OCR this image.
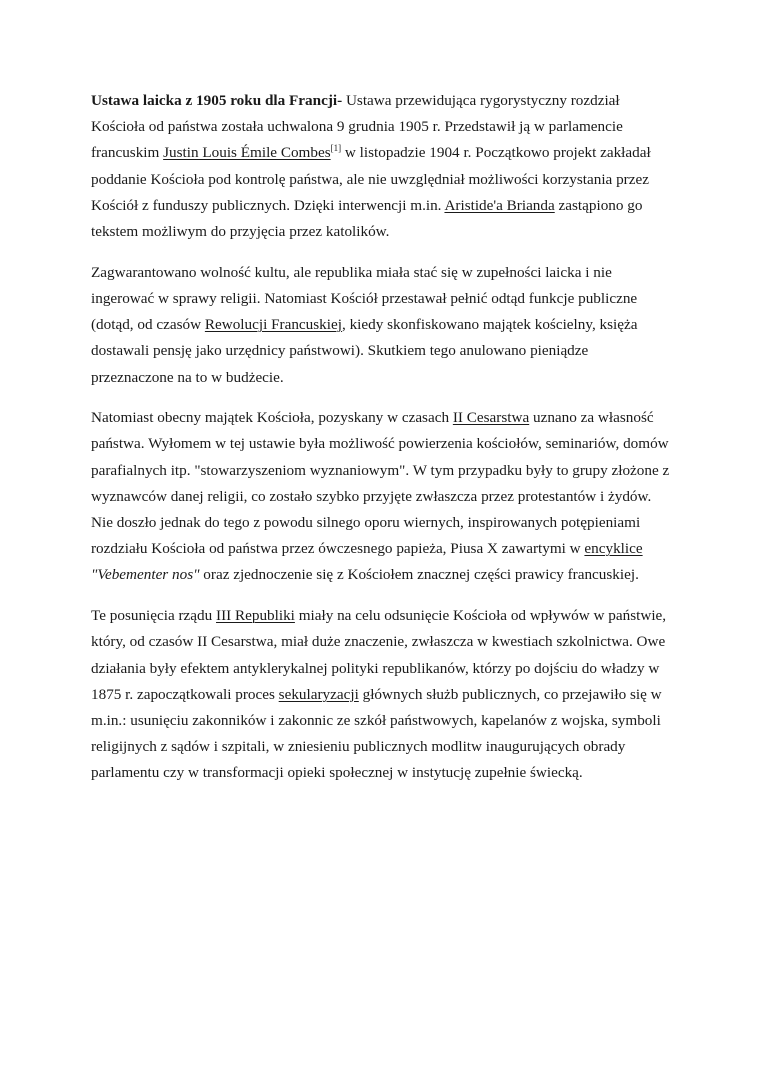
Ustawa laicka z 1905 roku dla Francji- Ustawa przewidująca rygorystyczny rozdział Kościoła od państwa została uchwalona 9 grudnia 1905 r. Przedstawił ją w parlamencie francuskim Justin Louis Émile Combes[1] w listopadzie 1904 r. Początkowo projekt zakładał poddanie Kościoła pod kontrolę państwa, ale nie uwzględniał możliwości korzystania przez Kościół z funduszy publicznych. Dzięki interwencji m.in. Aristide'a Brianda zastąpiono go tekstem możliwym do przyjęcia przez katolików.

Zagwarantowano wolność kultu, ale republika miała stać się w zupełności laicka i nie ingerować w sprawy religii. Natomiast Kościół przestawał pełnić odtąd funkcje publiczne (dotąd, od czasów Rewolucji Francuskiej, kiedy skonfiskowano majątek kościelny, księża dostawali pensję jako urzędnicy państwowi). Skutkiem tego anulowano pieniądze przeznaczone na to w budżecie.

Natomiast obecny majątek Kościoła, pozyskany w czasach II Cesarstwa uznano za własność państwa. Wyłomem w tej ustawie była możliwość powierzenia kościołów, seminariów, domów parafialnych itp. "stowarzyszeniom wyznaniowym". W tym przypadku były to grupy złożone z wyznawców danej religii, co zostało szybko przyjęte zwłaszcza przez protestantów i żydów. Nie doszło jednak do tego z powodu silnego oporu wiernych, inspirowanych potępieniami rozdziału Kościoła od państwa przez ówczesnego papieża, Piusa X zawartymi w encyklice "Vebementer nos" oraz zjednoczenie się z Kościołem znacznej części prawicy francuskiej.

Te posunięcia rządu III Republiki miały na celu odsunięcie Kościoła od wpływów w państwie, który, od czasów II Cesarstwa, miał duże znaczenie, zwłaszcza w kwestiach szkolnictwa. Owe działania były efektem antyklerykalnej polityki republikanów, którzy po dojściu do władzy w 1875 r. zapoczątkowali proces sekularyzacji głównych służb publicznych, co przejawiło się w m.in.: usunięciu zakonników i zakonnic ze szkół państwowych, kapelanów z wojska, symboli religijnych z sądów i szpitali, w zniesieniu publicznych modlitw inaugurujących obrady parlamentu czy w transformacji opieki społecznej w instytucję zupełnie świecką.
